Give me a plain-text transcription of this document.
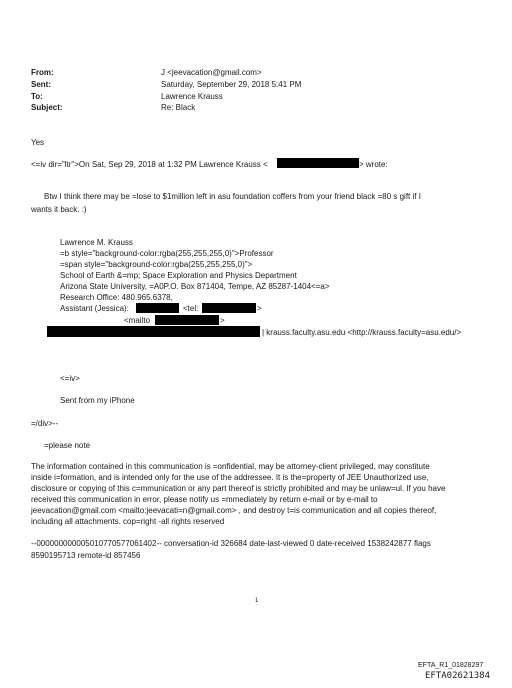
From:	J <jeevacation@gmail.com>
Sent:	Saturday, September 29, 2018 5:41 PM
To:	Lawrence Krauss
Subject:	Re: Black
Yes
<=iv dir="ltr">On Sat, Sep 29, 2018 at 1:32 PM Lawrence Krauss <	> wrote:
Btw I think there may be =lose to $1million left in asu foundation coffers from your friend black =80 s gift if I
wants it back. :)
Lawrence M. Krauss
=b style="background-color:rgba(255,255,255,0)">Professor
=span style="background-color:rgba(255,255,255,0)">
School of Earth &=mp; Space Exploration and Physics Department
Arizona State University, =A0P.O. Box 871404, Tempe, AZ 85287-1404<=a>
Research Office: 480.965.6378,
Assistant (Jessica):	<tel:	>
<mailto	>
| krauss.faculty.asu.edu <http://krauss.faculty=asu.edu/>
<=iv>
Sent from my iPhone
=/div>--
=please note
The information contained in this communication is =onfidential, may be attorney-client privileged, may constitute
inside i=formation, and is intended only for the use of the addressee. It is the=property of JEE Unauthorized use,
disclosure or copying of this c=mmunication or any part thereof is strictly prohibited and may be unlaw=ul. If you have
received this communication in error, please notify us =mmediately by return e-mail or by e-mail to
jeevacation@gmail.com <mailto:jeevacati=n@gmail.com> , and destroy t=is communication and all copies thereof,
including all attachments. cop=right -all rights reserved
--000000000005010770577061402-- conversation-id 326684 date-last-viewed 0 date-received 1538242877 flags
8590195713 remote-id 857456
1
EFTA_R1_01828297
EFTA02621384
